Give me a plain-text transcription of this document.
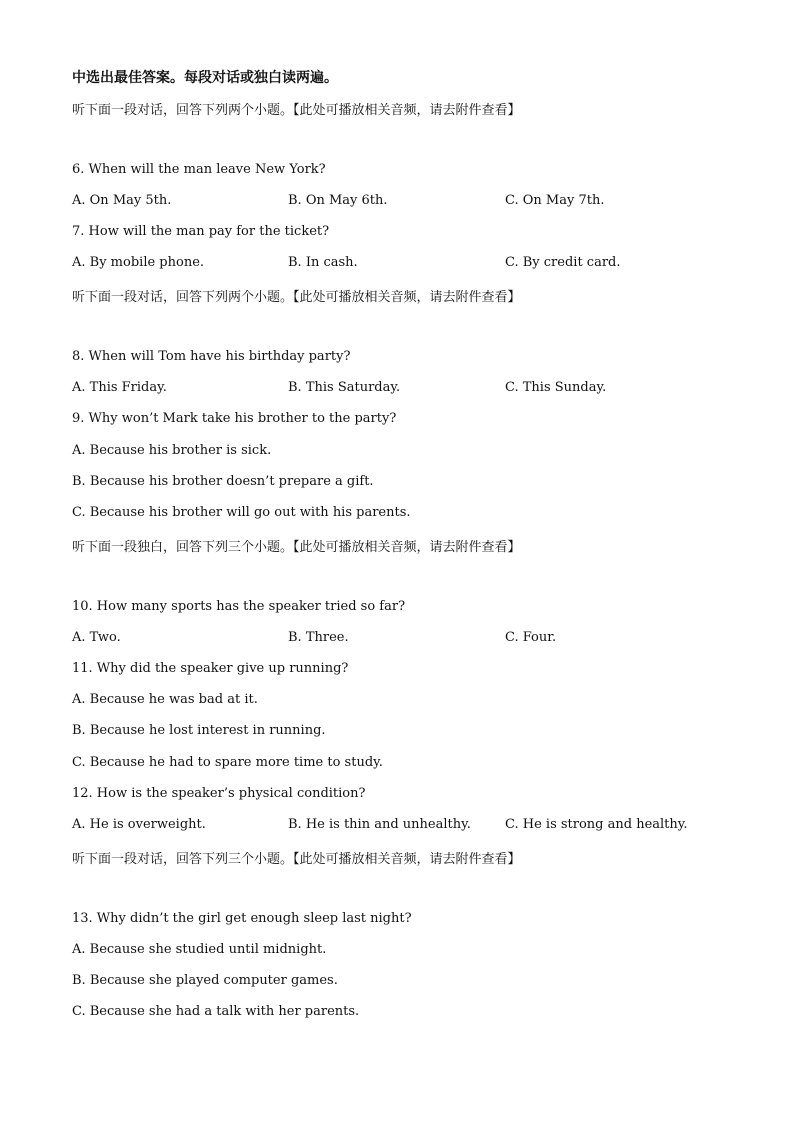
中选出最佳答案。每段对话或独白读两遍。
听下面一段对话，回答下列两个小题。【此处可播放相关音频，请去附件查看】
6. When will the man leave New York?
A. On May 5th.	B. On May 6th.	C. On May 7th.
7. How will the man pay for the ticket?
A. By mobile phone.	B. In cash.	C. By credit card.
听下面一段对话，回答下列两个小题。【此处可播放相关音频，请去附件查看】
8. When will Tom have his birthday party?
A. This Friday.	B. This Saturday.	C. This Sunday.
9. Why won’t Mark take his brother to the party?
A. Because his brother is sick.
B. Because his brother doesn’t prepare a gift.
C. Because his brother will go out with his parents.
听下面一段独白，回答下列三个小题。【此处可播放相关音频，请去附件查看】
10. How many sports has the speaker tried so far?
A. Two.	B. Three.	C. Four.
11. Why did the speaker give up running?
A. Because he was bad at it.
B. Because he lost interest in running.
C. Because he had to spare more time to study.
12. How is the speaker’s physical condition?
A. He is overweight.	B. He is thin and unhealthy.	C. He is strong and healthy.
听下面一段对话，回答下列三个小题。【此处可播放相关音频，请去附件查看】
13. Why didn’t the girl get enough sleep last night?
A. Because she studied until midnight.
B. Because she played computer games.
C. Because she had a talk with her parents.
